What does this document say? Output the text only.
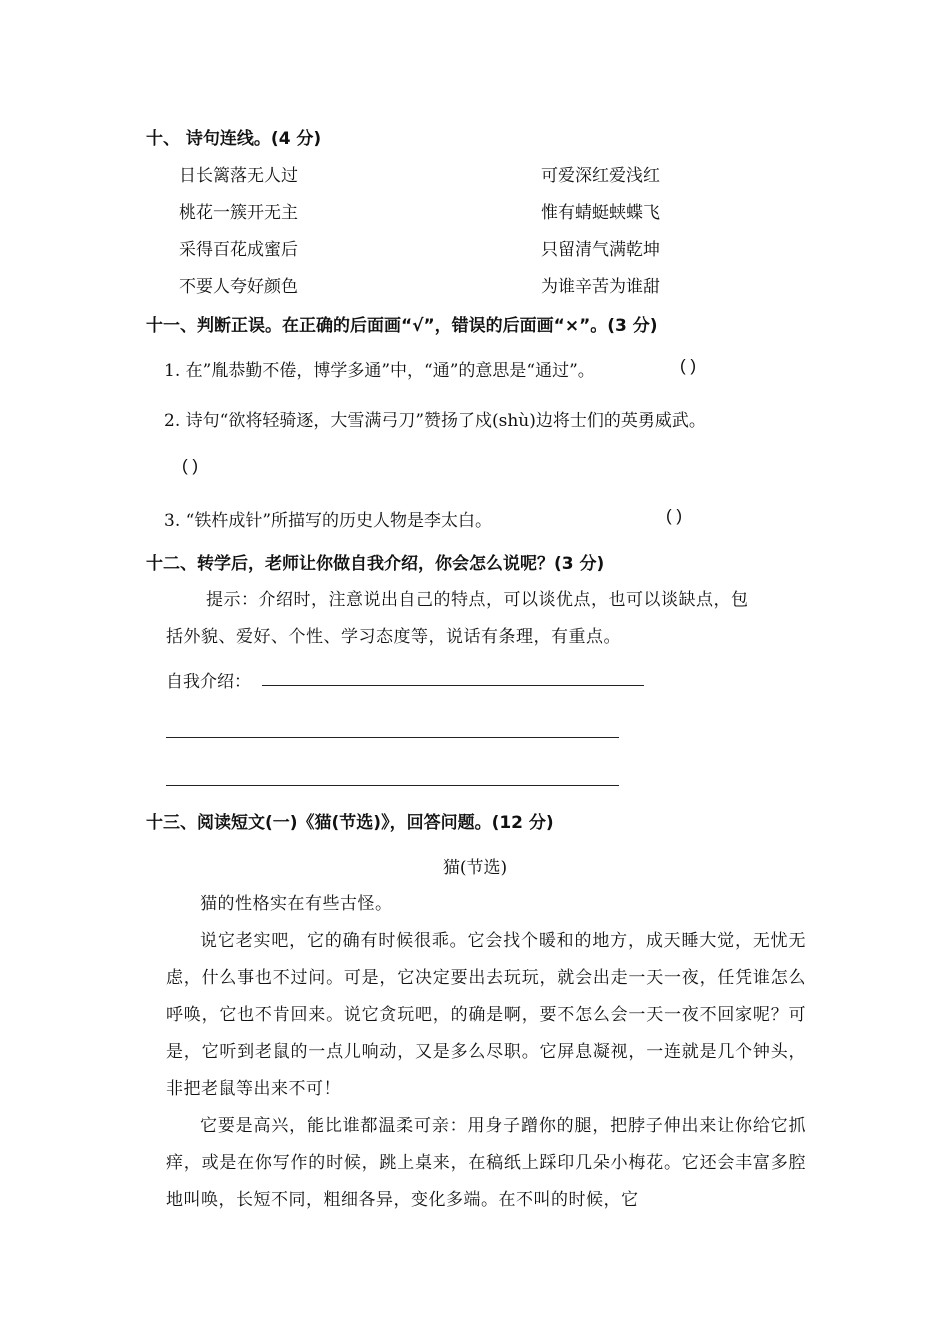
十、 诗句连线。(4 分)
日长篱落无人过
桃花一簇开无主
采得百花成蜜后
不要人夸好颜色
可爱深红爱浅红
惟有蜻蜓蛱蝶飞
只留清气满乾坤
为谁辛苦为谁甜
十一、判断正误。在正确的后面画“√”，错误的后面画“×”。(3 分)
1. 在”胤恭勤不倦，博学多通”中，“通”的意思是“通过”。	( )
2. 诗句“欲将轻骑逐，大雪满弓刀”赞扬了戍(shù)边将士们的英勇威武。
( )
3. “铁杵成针”所描写的历史人物是李太白。	( )
十二、转学后，老师让你做自我介绍，你会怎么说呢？(3 分)
提示：介绍时，注意说出自己的特点，可以谈优点，也可以谈缺点，包
括外貌、爱好、个性、学习态度等，说话有条理，有重点。
自我介绍：
十三、阅读短文(一)《猫(节选)》，回答问题。(12 分)
猫(节选)

猫的性格实在有些古怪。

说它老实吧，它的确有时候很乖。它会找个暖和的地方，成天睡大觉，无忧无虑，什么事也不过问。可是，它决定要出去玩玩，就会出走一天一夜，任凭谁怎么呼唤，它也不肯回来。说它贪玩吧，的确是啊，要不怎么会一天一夜不回家呢？可是，它听到老鼠的一点儿响动，又是多么尽职。它屏息凝视，一连就是几个钟头，非把老鼠等出来不可！

它要是高兴，能比谁都温柔可亲：用身子蹭你的腿，把脖子伸出来让你给它抓痒，或是在你写作的时候，跳上桌来，在稿纸上踩印几朵小梅花。它还会丰富多腔地叫唤，长短不同，粗细各异，变化多端。在不叫的时候，它
